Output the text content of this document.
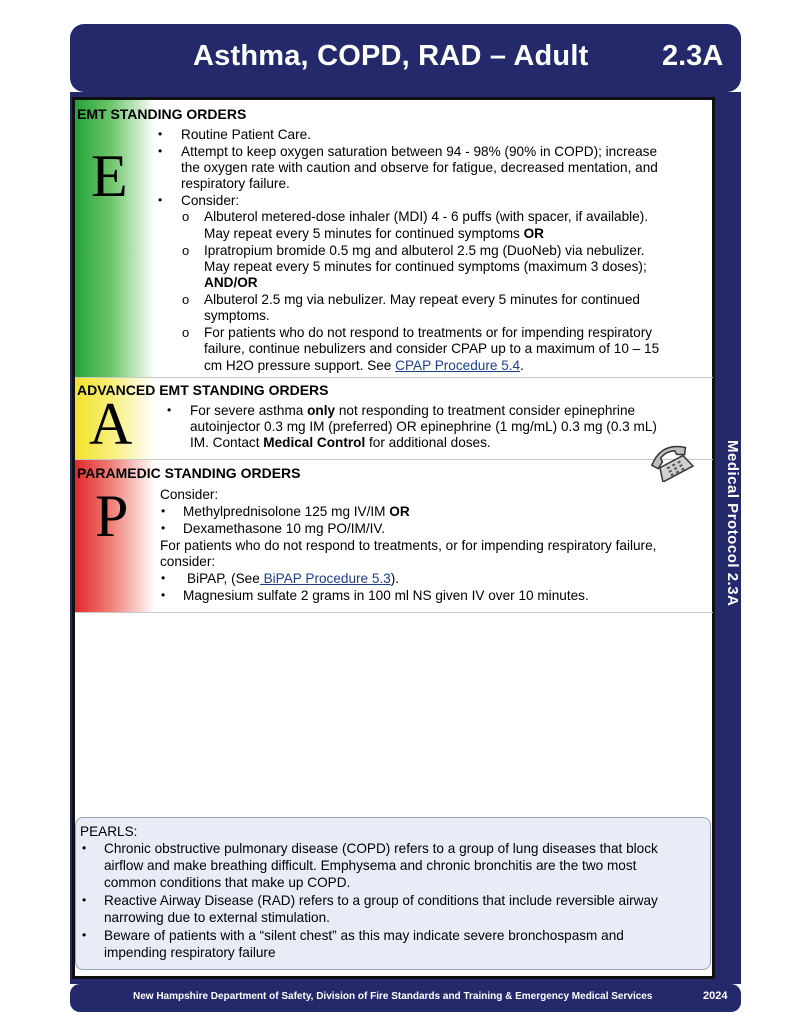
Asthma, COPD, RAD – Adult	2.3A
Medical Protocol 2.3A
EMT STANDING ORDERS
E
• Routine Patient Care.
• Attempt to keep oxygen saturation between 94 - 98% (90% in COPD); increase
the oxygen rate with caution and observe for fatigue, decreased mentation, and
respiratory failure.
• Consider:
o Albuterol metered-dose inhaler (MDI) 4 - 6 puffs (with spacer, if available).
May repeat every 5 minutes for continued symptoms OR
o Ipratropium bromide 0.5 mg and albuterol 2.5 mg (DuoNeb) via nebulizer.
May repeat every 5 minutes for continued symptoms (maximum 3 doses);
AND/OR
o Albuterol 2.5 mg via nebulizer. May repeat every 5 minutes for continued
symptoms.
o For patients who do not respond to treatments or for impending respiratory
failure, continue nebulizers and consider CPAP up to a maximum of 10 – 15
cm H2O pressure support. See CPAP Procedure 5.4.
ADVANCED EMT STANDING ORDERS
A	• For severe asthma only not responding to treatment consider epinephrine
autoinjector 0.3 mg IM (preferred) OR epinephrine (1 mg/mL) 0.3 mg (0.3 mL)
IM. Contact Medical Control for additional doses.
PARAMEDIC STANDING ORDERS
P Consider:
• Methylprednisolone 125 mg IV/IM OR
• Dexamethasone 10 mg PO/IM/IV.
For patients who do not respond to treatments, or for impending respiratory failure,
consider:
• BiPAP, (See BiPAP Procedure 5.3).
• Magnesium sulfate 2 grams in 100 ml NS given IV over 10 minutes.
PEARLS:
• Chronic obstructive pulmonary disease (COPD) refers to a group of lung diseases that block
airflow and make breathing difficult. Emphysema and chronic bronchitis are the two most
common conditions that make up COPD.
• Reactive Airway Disease (RAD) refers to a group of conditions that include reversible airway
narrowing due to external stimulation.
• Beware of patients with a “silent chest” as this may indicate severe bronchospasm and
impending respiratory failure
New Hampshire Department of Safety, Division of Fire Standards and Training & Emergency Medical Services	2024
